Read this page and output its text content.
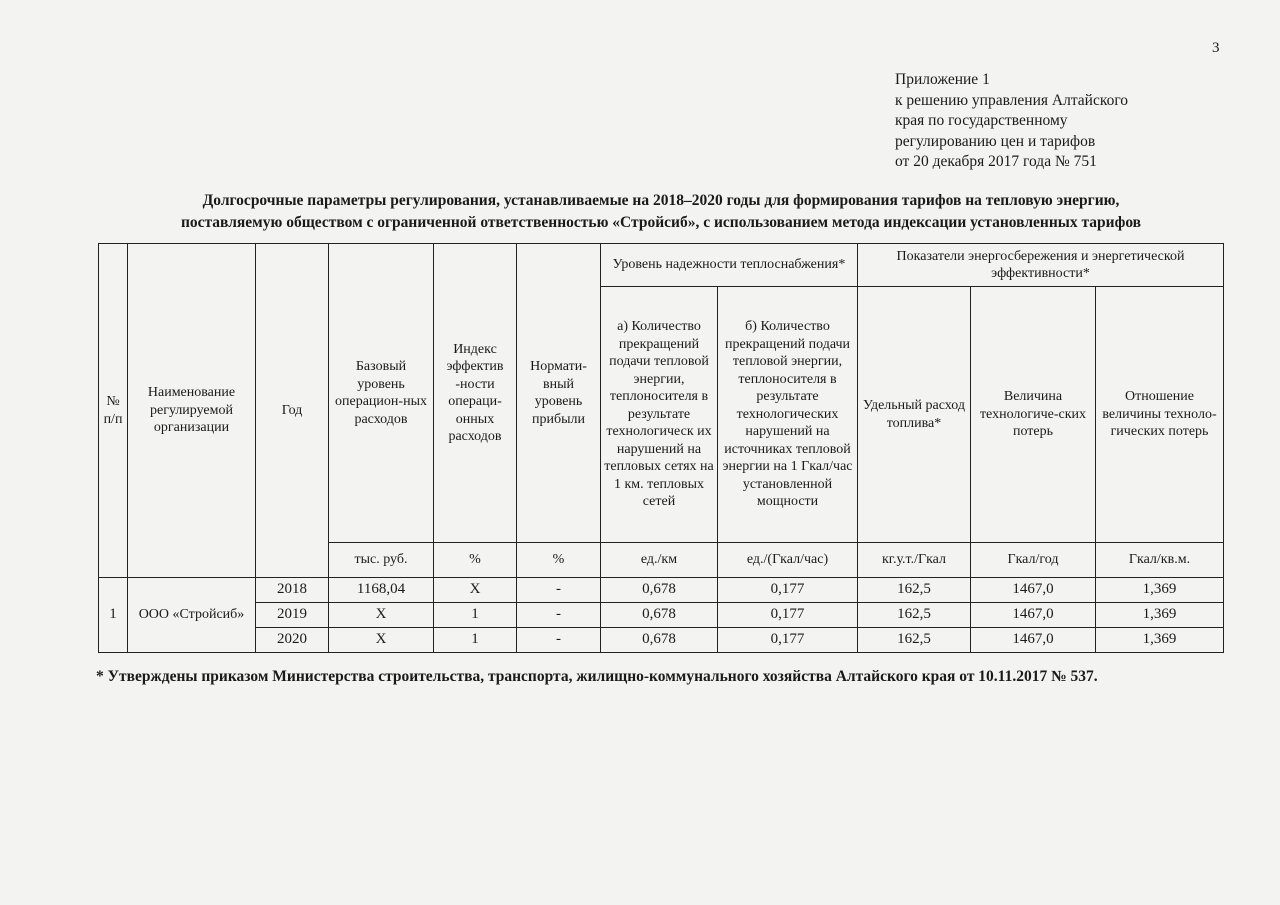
3
Приложение 1
к решению управления Алтайского
края по государственному
регулированию цен и тарифов
от 20 декабря 2017 года № 751
Долгосрочные параметры регулирования, устанавливаемые на 2018–2020 годы для формирования тарифов на тепловую энергию,
поставляемую обществом с ограниченной ответственностью «Стройсиб», с использованием метода индексации установленных тарифов
№ п/п	Наименование регулируемой организации	Год	Базовый уровень операцион-ных расходов	Индекс эффектив -ности операци-онных расходов	Нормати-вный уровень прибыли	Уровень надежности теплоснабжения*		Показатели энергосбережения и энергетической эффективности*		
						а) Количество прекращений подачи тепловой энергии, теплоносителя в результате технологическ их нарушений на тепловых сетях на 1 км. тепловых сетей	б) Количество прекращений подачи тепловой энергии, теплоносителя в результате технологических нарушений на источниках тепловой энергии на 1 Гкал/час установленной мощности	Удельный расход топлива*	Величина технологиче-ских потерь	Отношение величины техноло-гических потерь
			тыс. руб.	%	%	ед./км	ед./(Гкал/час)	кг.у.т./Гкал	Гкал/год	Гкал/кв.м.
1	ООО «Стройсиб»	2018	1168,04	X	-	0,678	0,177	162,5	1467,0	1,369
		2019	X	1	-	0,678	0,177	162,5	1467,0	1,369
		2020	X	1	-	0,678	0,177	162,5	1467,0	1,369
* Утверждены приказом Министерства строительства, транспорта, жилищно-коммунального хозяйства Алтайского края от 10.11.2017 № 537.
